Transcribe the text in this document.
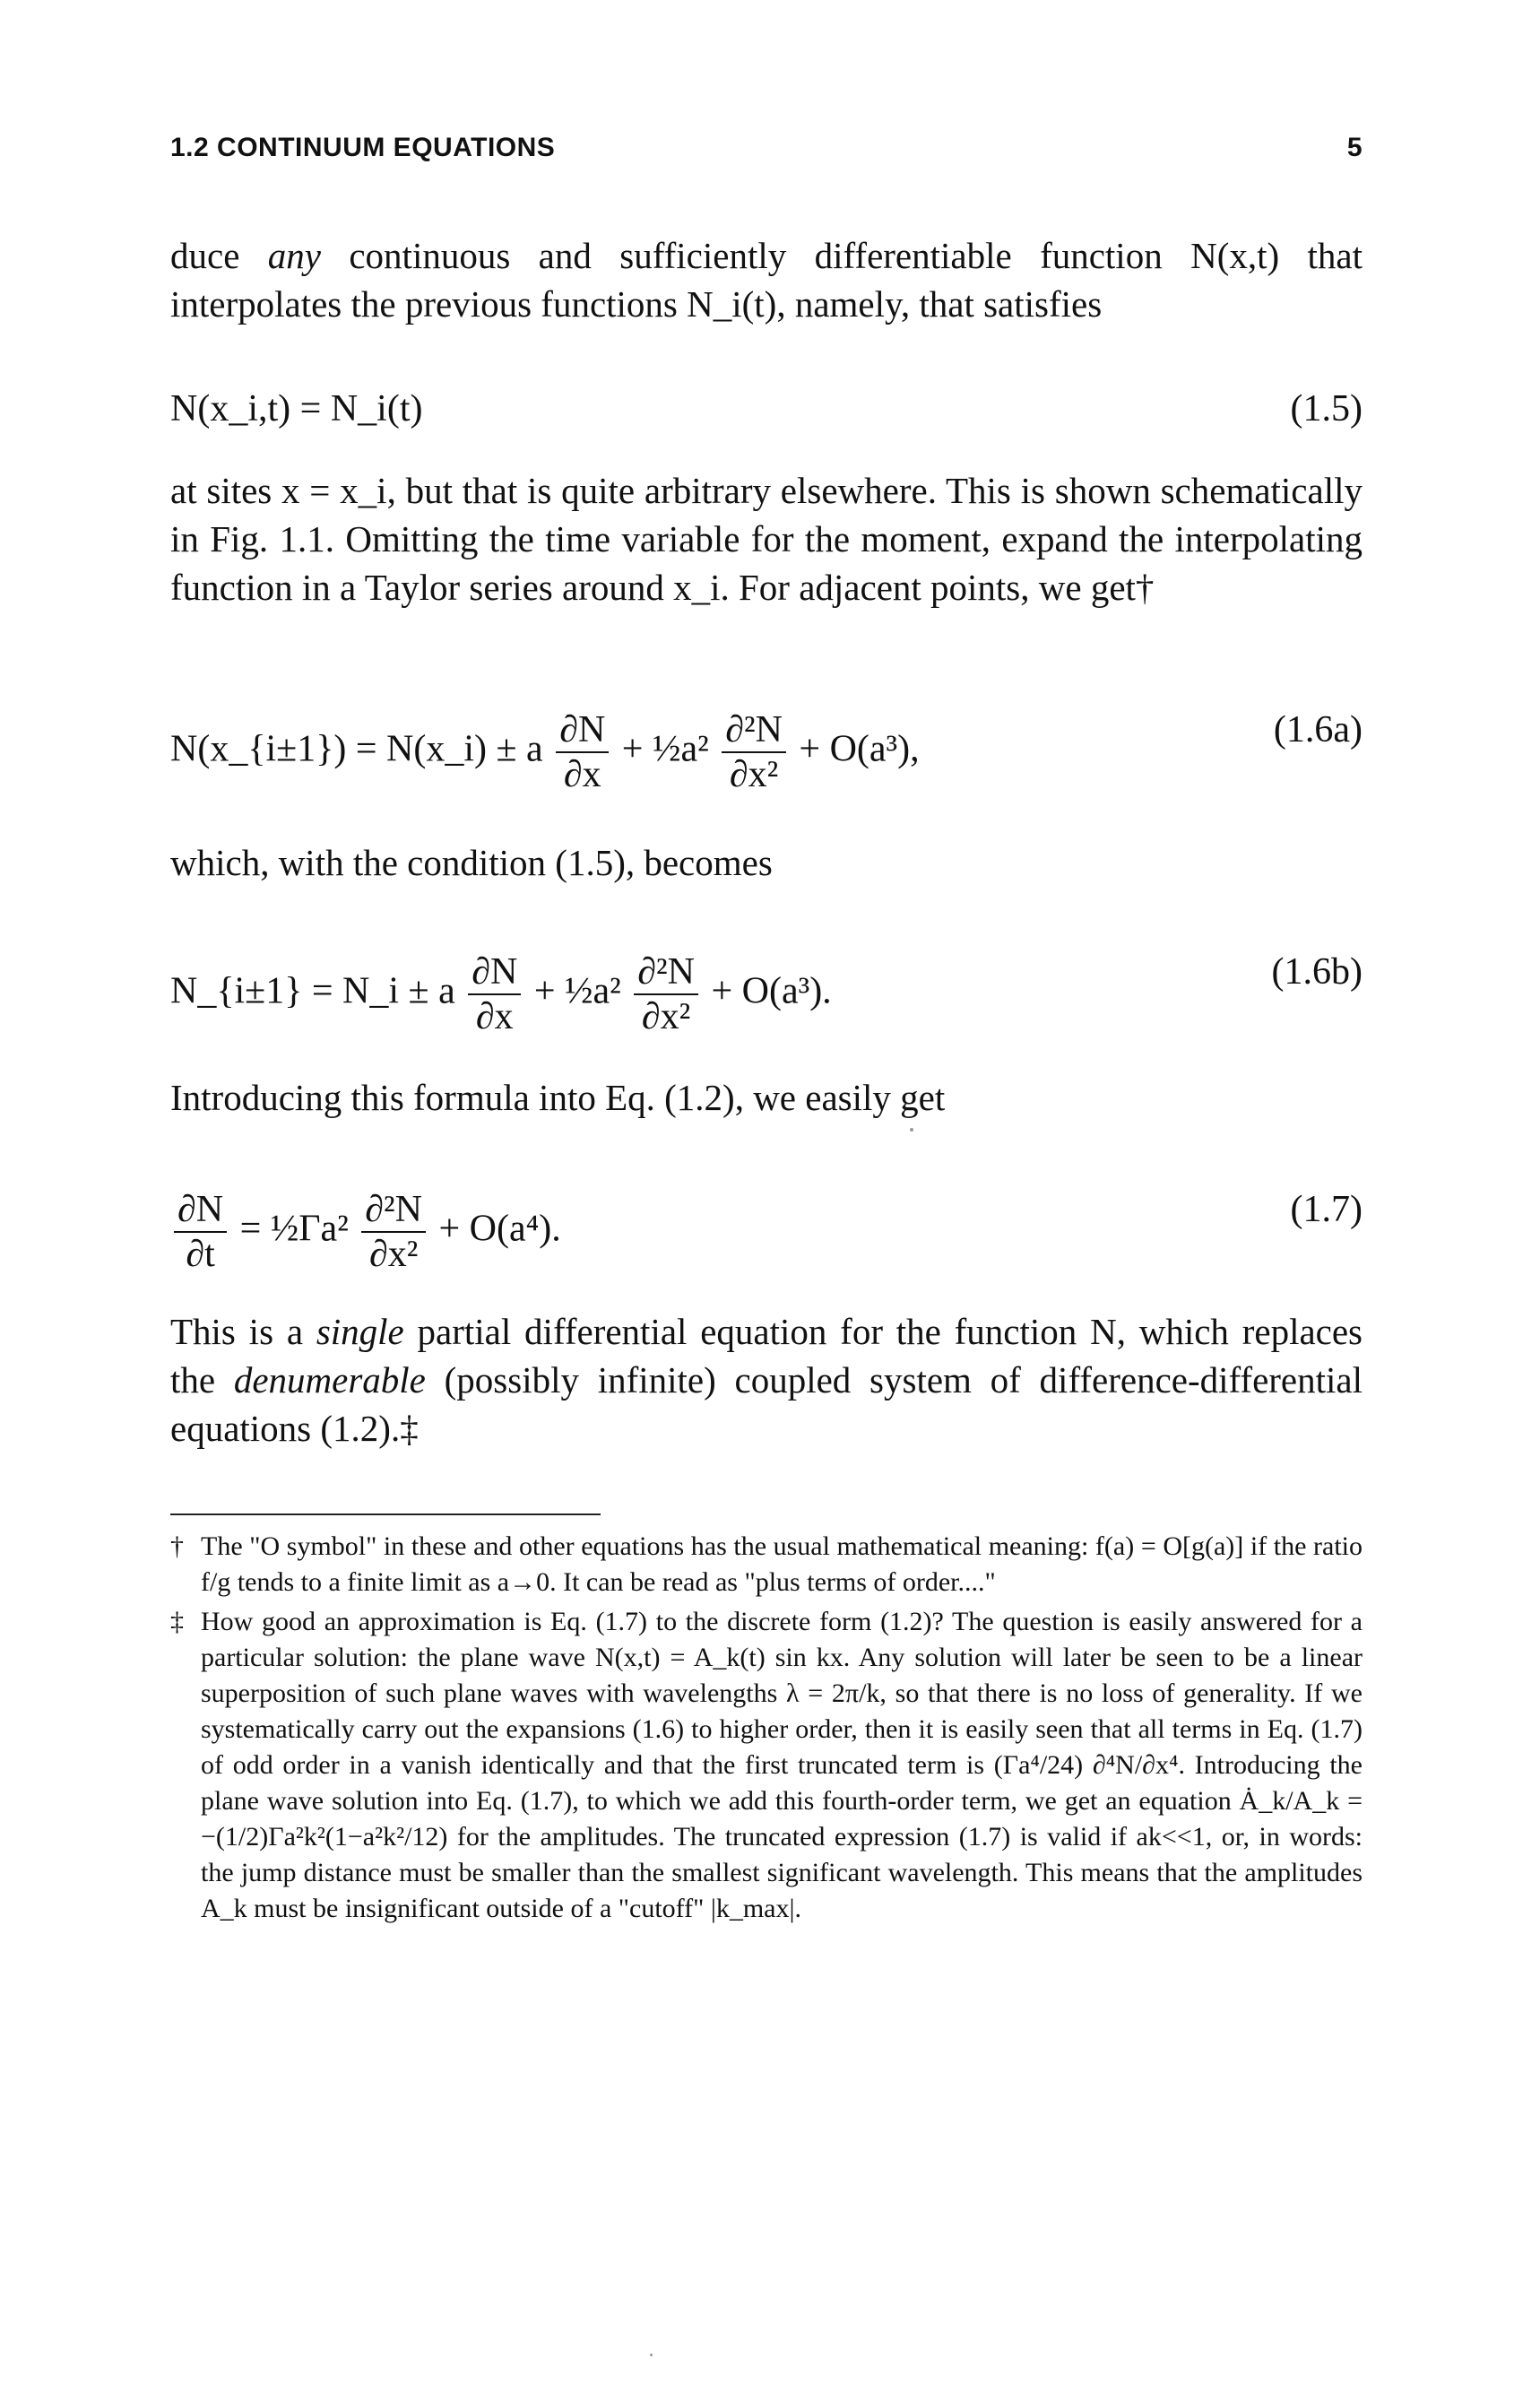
1.2 CONTINUUM EQUATIONS	5
duce any continuous and sufficiently differentiable function N(x,t) that interpolates the previous functions N_i(t), namely, that satisfies
N(x_i,t) = N_i(t)	(1.5)
at sites x = x_i, but that is quite arbitrary elsewhere. This is shown schematically in Fig. 1.1. Omitting the time variable for the moment, expand the interpolating function in a Taylor series around x_i. For adjacent points, we get†
N(x_{i±1}) = N(x_i) ± a $\frac{\partial N}{\partial x}$ + ½a² $\frac{\text{∂²N}}{\text{∂x²}} + O(a^3)$,	(1.6a)
which, with the condition (1.5), becomes
N_{i±1} = N_i ± a $\frac{\partial N}{\partial x}$ + ½a² $\frac{\text{∂²N}}{\text{∂x²}} + O(a^3)$.	(1.6b)
Introducing this formula into Eq. (1.2), we easily get
$\frac{\partial N}{\partial t}$ = ½Γa² $\frac{\text{∂²N}}{\text{∂x²}} + O(a^4)$.	(1.7)
This is a single partial differential equation for the function N, which replaces the denumerable (possibly infinite) coupled system of difference-differential equations (1.2).‡
† The "O symbol" in these and other equations has the usual mathematical meaning: f(a) = O[g(a)] if the ratio f/g tends to a finite limit as a→0. It can be read as "plus terms of order...."
‡ How good an approximation is Eq. (1.7) to the discrete form (1.2)? The question is easily answered for a particular solution: the plane wave N(x,t) = A_k(t) sin kx. Any solution will later be seen to be a linear superposition of such plane waves with wavelengths λ = 2π/k, so that there is no loss of generality. If we systematically carry out the expansions (1.6) to higher order, then it is easily seen that all terms in Eq. (1.7) of odd order in a vanish identically and that the first truncated term is (Γa⁴/24) ∂⁴N/∂x⁴. Introducing the plane wave solution into Eq. (1.7), to which we add this fourth-order term, we get an equation Ȧ_k/A_k = −(1/2)Γa²k²(1−a²k²/12) for the amplitudes. The truncated expression (1.7) is valid if ak<<1, or, in words: the jump distance must be smaller than the smallest significant wavelength. This means that the amplitudes A_k must be insignificant outside of a "cutoff" |k_max|.
